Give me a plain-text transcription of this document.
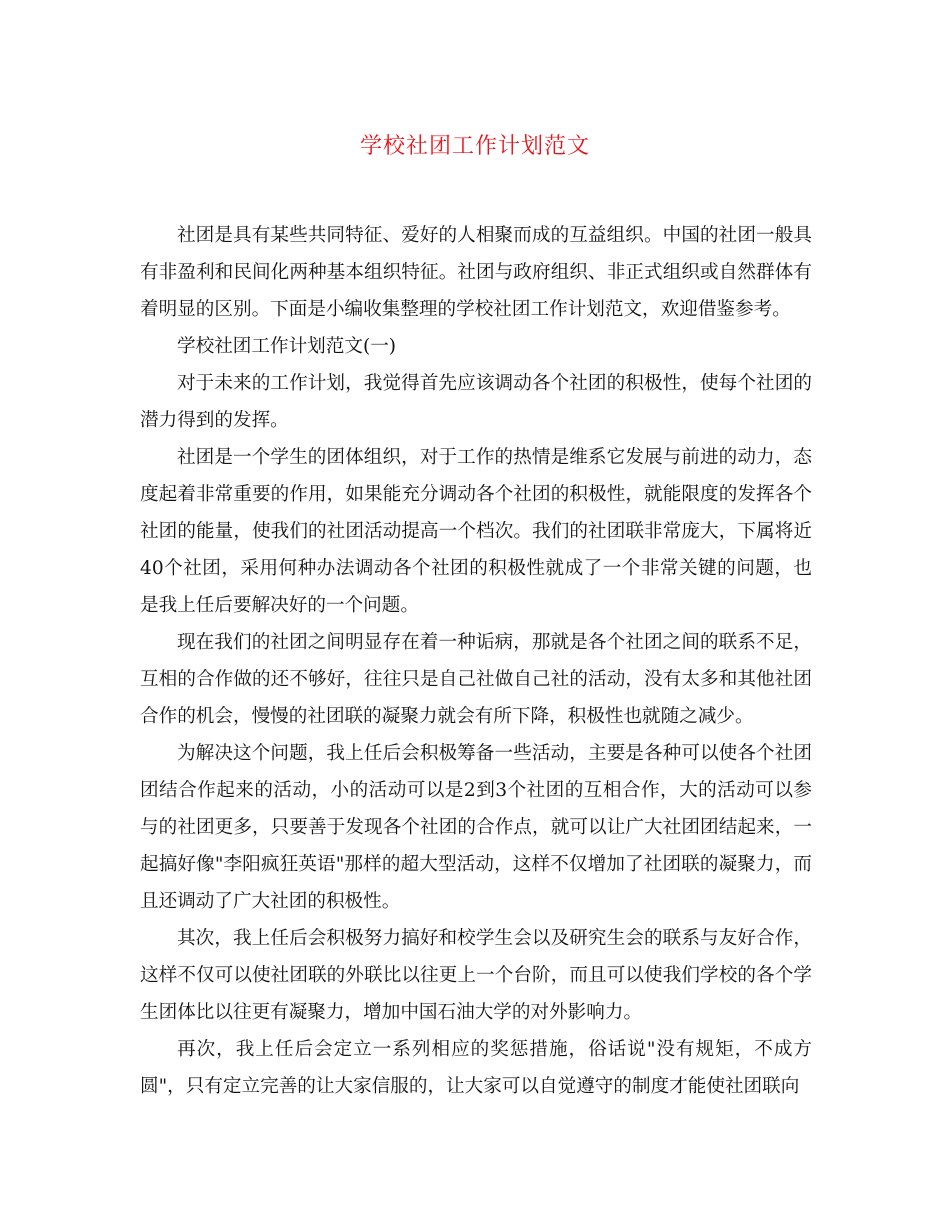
学校社团工作计划范文

社团是具有某些共同特征、爱好的人相聚而成的互益组织。中国的社团一般具有非盈利和民间化两种基本组织特征。社团与政府组织、非正式组织或自然群体有着明显的区别。下面是小编收集整理的学校社团工作计划范文，欢迎借鉴参考。

学校社团工作计划范文(一)

对于未来的工作计划，我觉得首先应该调动各个社团的积极性，使每个社团的潜力得到的发挥。

社团是一个学生的团体组织，对于工作的热情是维系它发展与前进的动力，态度起着非常重要的作用，如果能充分调动各个社团的积极性，就能限度的发挥各个社团的能量，使我们的社团活动提高一个档次。我们的社团联非常庞大，下属将近40个社团，采用何种办法调动各个社团的积极性就成了一个非常关键的问题，也是我上任后要解决好的一个问题。

现在我们的社团之间明显存在着一种诟病，那就是各个社团之间的联系不足，互相的合作做的还不够好，往往只是自己社做自己社的活动，没有太多和其他社团合作的机会，慢慢的社团联的凝聚力就会有所下降，积极性也就随之减少。

为解决这个问题，我上任后会积极筹备一些活动，主要是各种可以使各个社团团结合作起来的活动，小的活动可以是2到3个社团的互相合作，大的活动可以参与的社团更多，只要善于发现各个社团的合作点，就可以让广大社团团结起来，一起搞好像"李阳疯狂英语"那样的超大型活动，这样不仅增加了社团联的凝聚力，而且还调动了广大社团的积极性。

其次，我上任后会积极努力搞好和校学生会以及研究生会的联系与友好合作，这样不仅可以使社团联的外联比以往更上一个台阶，而且可以使我们学校的各个学生团体比以往更有凝聚力，增加中国石油大学的对外影响力。

再次，我上任后会定立一系列相应的奖惩措施，俗话说"没有规矩，不成方圆"，只有定立完善的让大家信服的，让大家可以自觉遵守的制度才能使社团联向
